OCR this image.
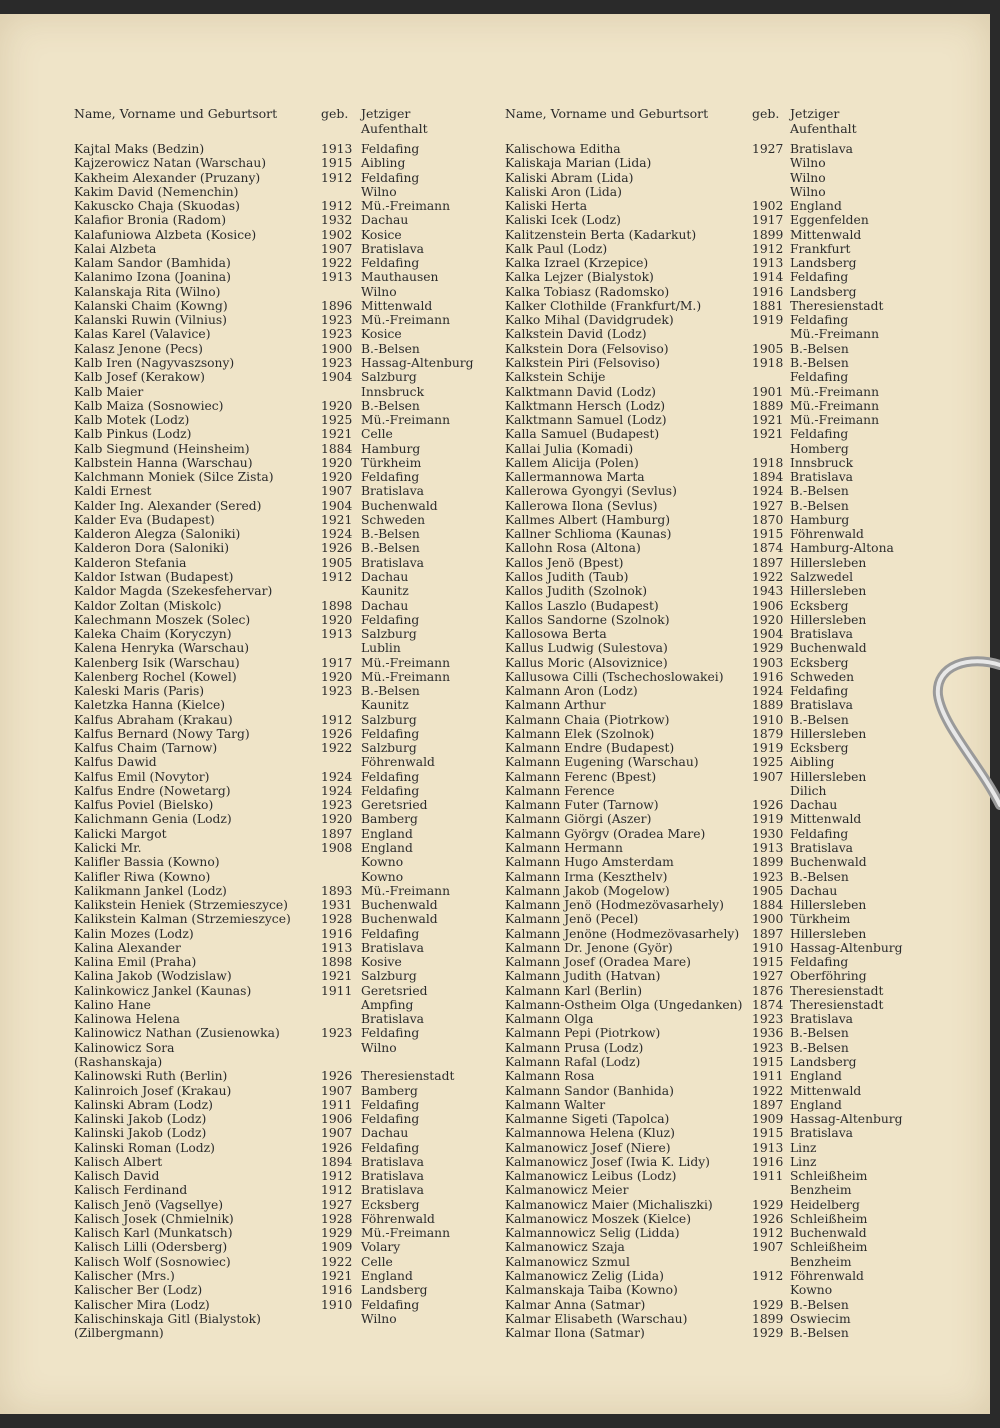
Name, Vorname und Geburtsort	geb.	Jetziger Aufenthalt
Kajtal Maks (Bedzin)	1913 Feldafing
Kajzerowicz Natan (Warschau)	1915 Aibling
Kakheim Alexander (Pruzany)	1912 Feldafing
Kakim David (Nemenchin)	Wilno
Kakuscko Chaja (Skuodas)	1912 Mü.-Freimann
Kalafior Bronia (Radom)	1932 Dachau
Kalafuniowa Alzbeta (Kosice)	1902 Kosice
Kalai Alzbeta	1907 Bratislava
Kalam Sandor (Bamhida)	1922 Feldafing
Kalanimo Izona (Joanina)	1913 Mauthausen
Kalanskaja Rita (Wilno)	Wilno
Kalanski Chaim (Kowng)	1896 Mittenwald
Kalanski Ruwin (Vilnius)	1923 Mü.-Freimann
Kalas Karel (Valavice)	1923 Kosice
Kalasz Jenone (Pecs)	1900 B.-Belsen
Kalb Iren (Nagyvaszsony)	1923 Hassag-Altenburg
Kalb Josef (Kerakow)	1904 Salzburg
Kalb Maier	Innsbruck
Kalb Maiza (Sosnowiec)	1920 B.-Belsen
Kalb Motek (Lodz)	1925 Mü.-Freimann
Kalb Pinkus (Lodz)	1921 Celle
Kalb Siegmund (Heinsheim)	1884 Hamburg
Kalbstein Hanna (Warschau)	1920 Türkheim
Kalchmann Moniek (Silce Zista)	1920 Feldafing
Kaldi Ernest	1907 Bratislava
Kalder Ing. Alexander (Sered)	1904 Buchenwald
Kalder Eva (Budapest)	1921 Schweden
Kalderon Alegza (Saloniki)	1924 B.-Belsen
Kalderon Dora (Saloniki)	1926 B.-Belsen
Kalderon Stefania	1905 Bratislava
Kaldor Istwan (Budapest)	1912 Dachau
Kaldor Magda (Szekesfehervar)	Kaunitz
Kaldor Zoltan (Miskolc)	1898 Dachau
Kalechmann Moszek (Solec)	1920 Feldafing
Kaleka Chaim (Koryczyn)	1913 Salzburg
Kalena Henryka (Warschau)	Lublin
Kalenberg Isik (Warschau)	1917 Mü.-Freimann
Kalenberg Rochel (Kowel)	1920 Mü.-Freimann
Kaleski Maris (Paris)	1923 B.-Belsen
Kaletzka Hanna (Kielce)	Kaunitz
Kalfus Abraham (Krakau)	1912 Salzburg
Kalfus Bernard (Nowy Targ)	1926 Feldafing
Kalfus Chaim (Tarnow)	1922 Salzburg
Kalfus Dawid	Föhrenwald
Kalfus Emil (Novytor)	1924 Feldafing
Kalfus Endre (Nowetarg)	1924 Feldafing
Kalfus Poviel (Bielsko)	1923 Geretsried
Kalichmann Genia (Lodz)	1920 Bamberg
Kalicki Margot	1897 England
Kalicki Mr.	1908 England
Kalifler Bassia (Kowno)	Kowno
Kalifler Riwa (Kowno)	Kowno
Kalikmann Jankel (Lodz)	1893 Mü.-Freimann
Kalikstein Heniek (Strzemieszyce)	1931 Buchenwald
Kalikstein Kalman (Strzemieszyce)	1928 Buchenwald
Kalin Mozes (Lodz)	1916 Feldafing
Kalina Alexander	1913 Bratislava
Kalina Emil (Praha)	1898 Kosive
Kalina Jakob (Wodzislaw)	1921 Salzburg
Kalinkowicz Jankel (Kaunas)	1911 Geretsried
Kalino Hane	Ampfing
Kalinowa Helena	Bratislava
Kalinowicz Nathan (Zusienowka)	1923 Feldafing
Kalinowicz Sora	Wilno
(Rashanskaja)
Kalinowski Ruth (Berlin)	1926 Theresienstadt
Kalinroich Josef (Krakau)	1907 Bamberg
Kalinski Abram (Lodz)	1911 Feldafing
Kalinski Jakob (Lodz)	1906 Feldafing
Kalinski Jakob (Lodz)	1907 Dachau
Kalinski Roman (Lodz)	1926 Feldafing
Kalisch Albert	1894 Bratislava
Kalisch David	1912 Bratislava
Kalisch Ferdinand	1912 Bratislava
Kalisch Jenö (Vagsellye)	1927 Ecksberg
Kalisch Josek (Chmielnik)	1928 Föhrenwald
Kalisch Karl (Munkatsch)	1929 Mü.-Freimann
Kalisch Lilli (Odersberg)	1909 Volary
Kalisch Wolf (Sosnowiec)	1922 Celle
Kalischer (Mrs.)	1921 England
Kalischer Ber (Lodz)	1916 Landsberg
Kalischer Mira (Lodz)	1910 Feldafing
Kalischinskaja Gitl (Bialystok)	Wilno
(Zilbergmann)
Name, Vorname und Geburtsort	geb. Jetziger Aufenthalt
Kalischowa Editha	1927 Bratislava
Kaliskaja Marian (Lida)	Wilno
Kaliski Abram (Lida)	Wilno
Kaliski Aron (Lida)	Wilno
Kaliski Herta	1902 England
Kaliski Icek (Lodz)	1917 Eggenfelden
Kalitzenstein Berta (Kadarkut)	1899 Mittenwald
Kalk Paul (Lodz)	1912 Frankfurt
Kalka Izrael (Krzepice)	1913 Landsberg
Kalka Lejzer (Bialystok)	1914 Feldafing
Kalka Tobiasz (Radomsko)	1916 Landsberg
Kalker Clothilde (Frankfurt/M.)	1881 Theresienstadt
Kalko Mihal (Davidgrudek)	1919 Feldafing
Kalkstein David (Lodz)	Mü.-Freimann
Kalkstein Dora (Felsoviso)	1905 B.-Belsen
Kalkstein Piri (Felsoviso)	1918 B.-Belsen
Kalkstein Schije	Feldafing
Kalktmann David (Lodz)	1901 Mü.-Freimann
Kalktmann Hersch (Lodz)	1889 Mü.-Freimann
Kalktmann Samuel (Lodz)	1921 Mü.-Freimann
Kalla Samuel (Budapest)	1921 Feldafing
Kallai Julia (Komadi)	Homberg
Kallem Alicija (Polen)	1918 Innsbruck
Kallermannowa Marta	1894 Bratislava
Kallerowa Gyongyi (Sevlus)	1924 B.-Belsen
Kallerowa Ilona (Sevlus)	1927 B.-Belsen
Kallmes Albert (Hamburg)	1870 Hamburg
Kallner Schlioma (Kaunas)	1915 Föhrenwald
Kallohn Rosa (Altona)	1874 Hamburg-Altona
Kallos Jenö (Bpest)	1897 Hillersleben
Kallos Judith (Taub)	1922 Salzwedel
Kallos Judith (Szolnok)	1943 Hillersleben
Kallos Laszlo (Budapest)	1906 Ecksberg
Kallos Sandorne (Szolnok)	1920 Hillersleben
Kallosowa Berta	1904 Bratislava
Kallus Ludwig (Sulestova)	1929 Buchenwald
Kallus Moric (Alsoviznice)	1903 Ecksberg
Kallusowa Cilli (Tschechoslowakei)	1916 Schweden
Kalmann Aron (Lodz)	1924 Feldafing
Kalmann Arthur	1889 Bratislava
Kalmann Chaia (Piotrkow)	1910 B.-Belsen
Kalmann Elek (Szolnok)	1879 Hillersleben
Kalmann Endre (Budapest)	1919 Ecksberg
Kalmann Eugening (Warschau)	1925 Aibling
Kalmann Ferenc (Bpest)	1907 Hillersleben
Kalmann Ference	Dilich
Kalmann Futer (Tarnow)	1926 Dachau
Kalmann Giörgi (Aszer)	1919 Mittenwald
Kalmann Györgv (Oradea Mare)	1930 Feldafing
Kalmann Hermann	1913 Bratislava
Kalmann Hugo Amsterdam	1899 Buchenwald
Kalmann Irma (Keszthelv)	1923 B.-Belsen
Kalmann Jakob (Mogelow)	1905 Dachau
Kalmann Jenö (Hodmezövasarhely)	1884 Hillersleben
Kalmann Jenö (Pecel)	1900 Türkheim
Kalmann Jenöne (Hodmezövasarhely)	1897 Hillersleben
Kalmann Dr. Jenone (Györ)	1910 Hassag-Altenburg
Kalmann Josef (Oradea Mare)	1915 Feldafing
Kalmann Judith (Hatvan)	1927 Oberföhring
Kalmann Karl (Berlin)	1876 Theresienstadt
Kalmann-Ostheim Olga (Ungedanken) 1874 Theresienstadt
Kalmann Olga	1923 Bratislava
Kalmann Pepi (Piotrkow)	1936 B.-Belsen
Kalmann Prusa (Lodz)	1923 B.-Belsen
Kalmann Rafal (Lodz)	1915 Landsberg
Kalmann Rosa	1911 England
Kalmann Sandor (Banhida)	1922 Mittenwald
Kalmann Walter	1897 England
Kalmanne Sigeti (Tapolca)	1909 Hassag-Altenburg
Kalmannowa Helena (Kluz)	1915 Bratislava
Kalmanowicz Josef (Niere)	1913 Linz
Kalmanowicz Josef (Iwia K. Lidy)	1916 Linz
Kalmanowicz Leibus (Lodz)	1911 Schleißheim
Kalmanowicz Meier	Benzheim
Kalmanowicz Maier (Michaliszki)	1929 Heidelberg
Kalmanowicz Moszek (Kielce)	1926 Schleißheim
Kalmannowicz Selig (Lidda)	1912 Buchenwald
Kalmanowicz Szaja	1907 Schleißheim
Kalmanowicz Szmul	Benzheim
Kalmanowicz Zelig (Lida)	1912 Föhrenwald
Kalmanskaja Taiba (Kowno)	Kowno
Kalmar Anna (Satmar)	1929 B.-Belsen
Kalmar Elisabeth (Warschau)	1899 Oswiecim
Kalmar Ilona (Satmar)	1929 B.-Belsen
